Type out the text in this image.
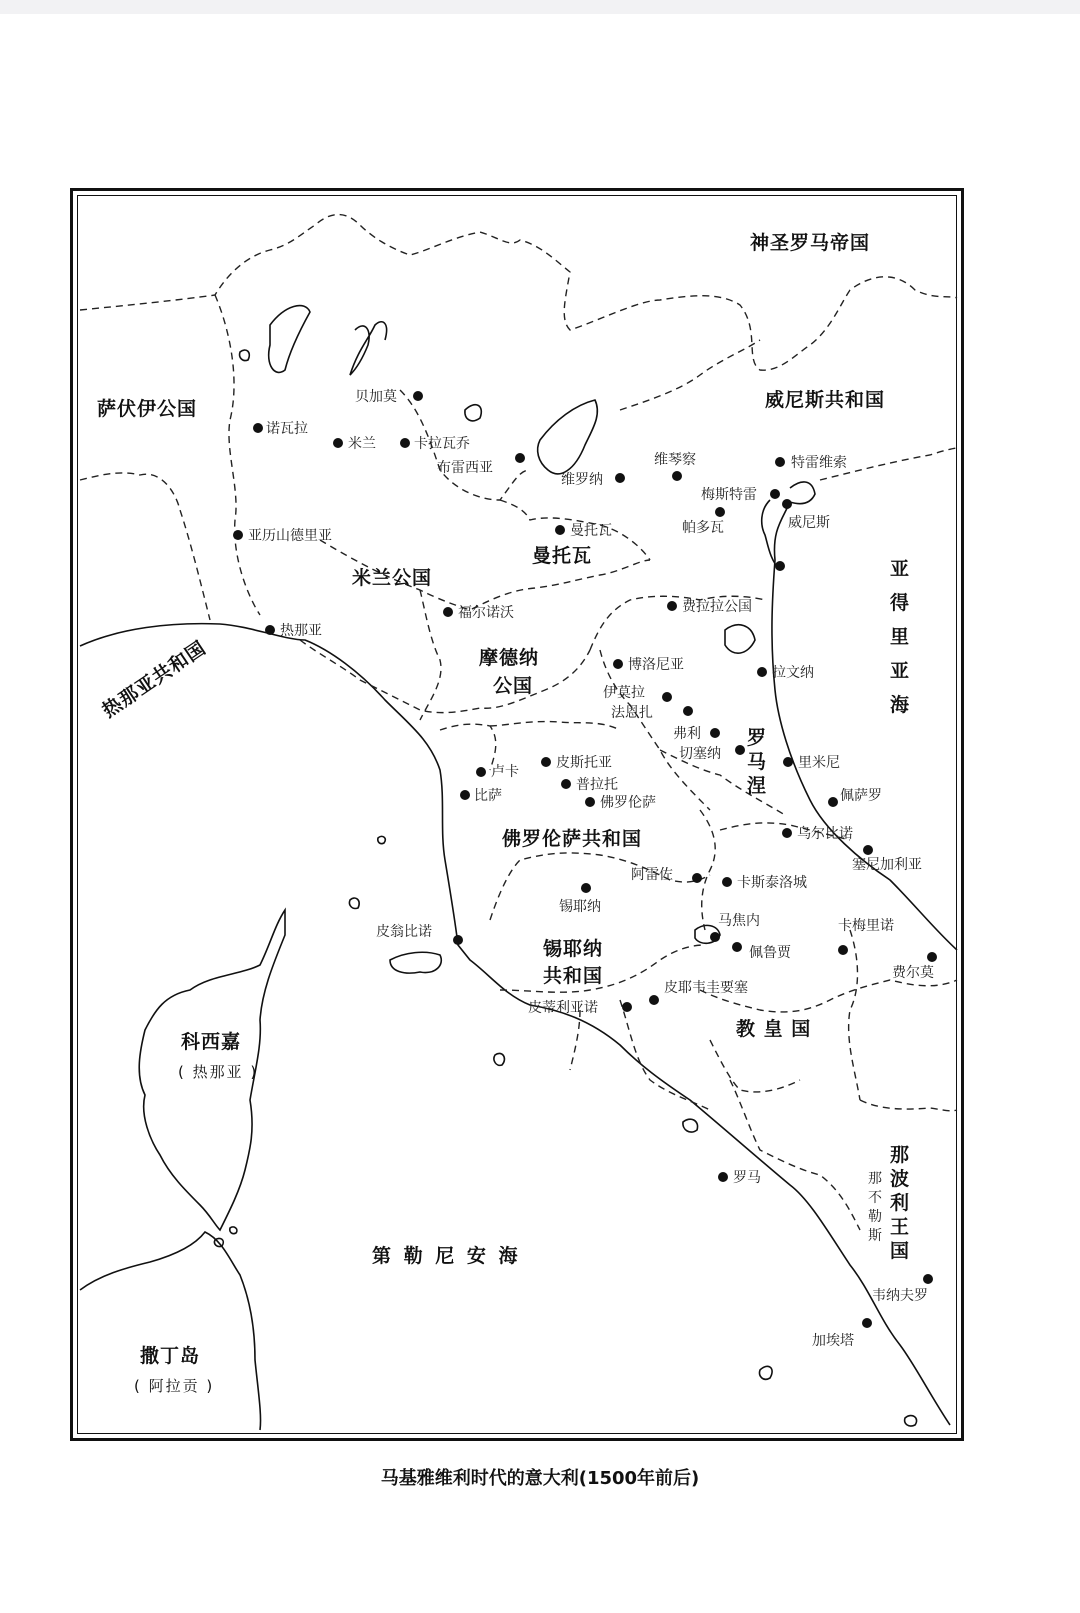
神圣罗马帝国
萨伏伊公国	威尼斯共和国
米兰公国
曼托瓦
热那亚共和国	摩德纳
公国
罗
马
涅
佛罗伦萨共和国
锡耶纳
共和国
教 皇 国
科西嘉
( 热那亚 )
撒丁岛
( 阿拉贡 )
那
波
利
王
国
那
不
勒
斯
亚
得
里
亚
海
第 勒 尼 安 海
贝加莫
诺瓦拉
米兰	卡拉瓦乔
布雷西亚	维琴察	特雷维索
维罗纳
梅斯特雷
威尼斯
帕多瓦
曼托瓦
亚历山德里亚
福尔诺沃	费拉拉公国
热那亚
博洛尼亚	拉文纳
伊莫拉
法恩扎
弗利
切塞纳
里米尼
佩萨罗
卢卡
皮斯托亚
比萨
普拉托
佛罗伦萨
乌尔比诺
塞尼加利亚
阿雷佐	卡斯泰洛城
锡耶纳
皮翁比诺
马焦内
佩鲁贾
卡梅里诺
费尔莫
皮蒂利亚诺
皮耶韦圭要塞
罗马
韦纳夫罗
加埃塔
马基雅维利时代的意大利(1500年前后)
